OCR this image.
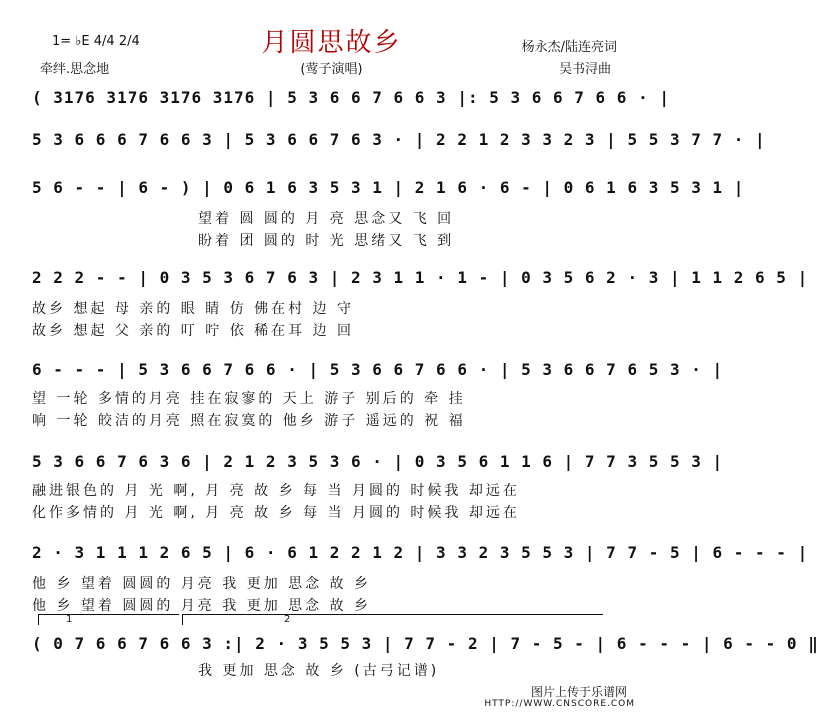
1= ♭E 4/4 2/4	月圆思故乡	杨永杰/陆连亮词
牵绊.思念地	(莺子演唱)	吴书浔曲
( 3176 3176 3176 3176 | 5 3 6 6 7 6 6 3 |: 5 3 6 6 7 6 6 · |
5 3 6 6 6 7 6 6 3 | 5 3 6 6 7 6 3 · | 2 2 1 2 3 3 2 3 | 5 5 3 7 7 · |
5 6 - - | 6 - ) | 0 6 1 6 3 5 3 1 | 2 1 6 · 6 - | 0 6 1 6 3 5 3 1 |
望着 圆 圆的 月 亮 思念又 飞 回
盼着 团 圆的 时 光 思绪又 飞 到
2 2 2 - - | 0 3 5 3 6 7 6 3 | 2 3 1 1 · 1 - | 0 3 5 6 2 · 3 | 1 1 2 6 5 |
故乡 想起 母 亲的 眼 睛 仿 佛在村 边 守
故乡 想起 父 亲的 叮 咛 依 稀在耳 边 回
6 - - - | 5 3 6 6 7 6 6 · | 5 3 6 6 7 6 6 · | 5 3 6 6 7 6 5 3 · |
望 一轮 多情的月亮 挂在寂寥的 天上 游子 别后的 牵 挂
响 一轮 皎洁的月亮 照在寂寞的 他乡 游子 遥远的 祝 福
5 3 6 6 7 6 3 6 | 2 1 2 3 5 3 6 · | 0 3 5 6 1 1 6 | 7 7 3 5 5 3 |
融进银色的 月 光 啊, 月 亮 故 乡 每 当 月圆的 时候我 却远在
化作多情的 月 光 啊, 月 亮 故 乡 每 当 月圆的 时候我 却远在
2 · 3 1 1 1 2 6 5 | 6 · 6 1 2 2 1 2 | 3 3 2 3 5 5 3 | 7 7 - 5 | 6 - - - |
他 乡 望着 圆圆的 月亮 我 更加 思念 故 乡
他 乡 望着 圆圆的 月亮 我 更加 思念 故 乡
1	2
( 0 7 6 6 7 6 6 3 :| 2 · 3 5 5 3 | 7 7 - 2 | 7 - 5 - | 6 - - - | 6 - - 0 ‖
我 更加 思念 故 乡 (古弓记谱)
图片上传于乐谱网
HTTP://WWW.CNSCORE.COM
